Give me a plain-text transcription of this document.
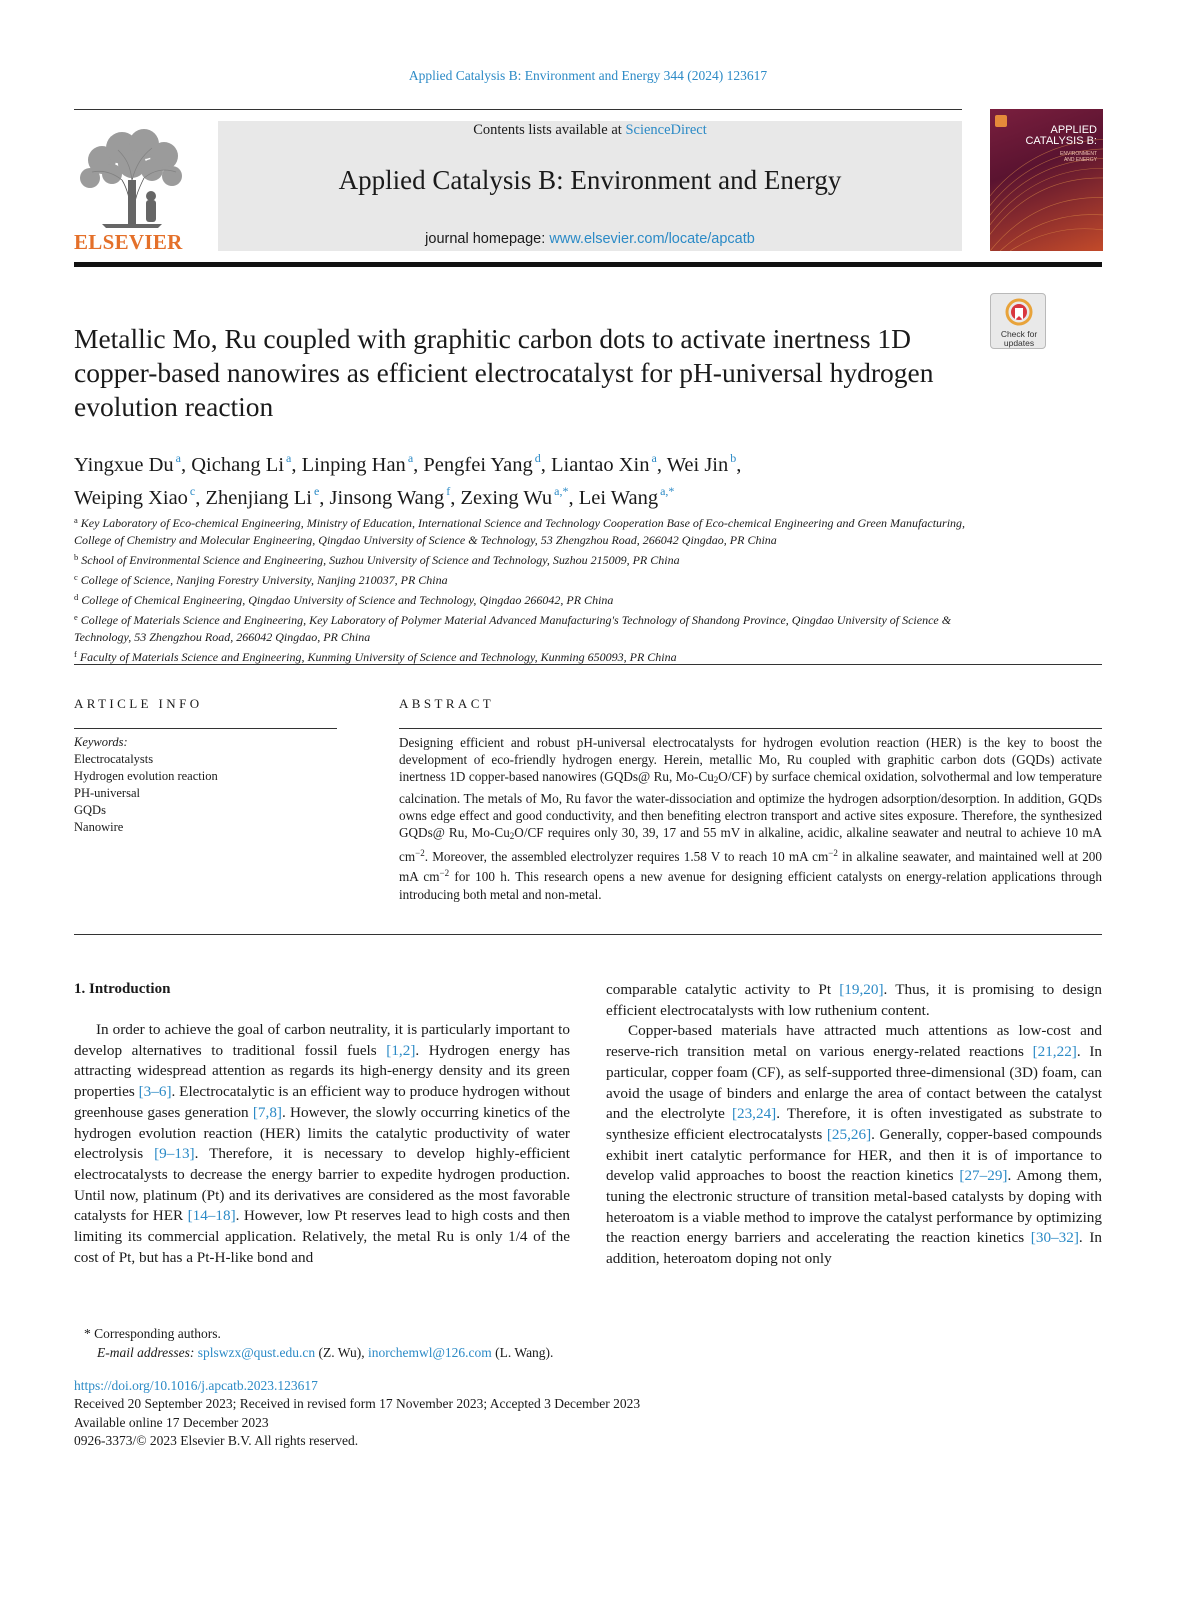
Applied Catalysis B: Environment and Energy 344 (2024) 123617
ELSEVIER
Contents lists available at ScienceDirect
Applied Catalysis B: Environment and Energy
journal homepage: www.elsevier.com/locate/apcatb
APPLIED
CATALYSIS B:
ENVIRONMENT
AND ENERGY
Check for
updates
Metallic Mo, Ru coupled with graphitic carbon dots to activate inertness 1D copper-based nanowires as efficient electrocatalyst for pH-universal hydrogen evolution reaction
Yingxue Du $^a$, Qichang Li $^a$, Linping Han $^a$, Pengfei Yang $^d$, Liantao Xin $^a$, Wei Jin $^b$,
Weiping Xiao $^c$, Zhenjiang Li $^e$, Jinsong Wang $^f$, Zexing Wu $^{a,*}$, Lei Wang $^{a,*}$
$^a$ Key Laboratory of Eco-chemical Engineering, Ministry of Education, International Science and Technology Cooperation Base of Eco-chemical Engineering and Green Manufacturing, College of Chemistry and Molecular Engineering, Qingdao University of Science & Technology, 53 Zhengzhou Road, 266042 Qingdao, PR China
$^b$ School of Environmental Science and Engineering, Suzhou University of Science and Technology, Suzhou 215009, PR China
$^c$ College of Science, Nanjing Forestry University, Nanjing 210037, PR China
$^d$ College of Chemical Engineering, Qingdao University of Science and Technology, Qingdao 266042, PR China
$^e$ College of Materials Science and Engineering, Key Laboratory of Polymer Material Advanced Manufacturing's Technology of Shandong Province, Qingdao University of Science & Technology, 53 Zhengzhou Road, 266042 Qingdao, PR China
$^f$ Faculty of Materials Science and Engineering, Kunming University of Science and Technology, Kunming 650093, PR China
ARTICLE INFO	ABSTRACT
Keywords:
Electrocatalysts
Hydrogen evolution reaction
PH-universal
GQDs
Nanowire
Designing efficient and robust pH-universal electrocatalysts for hydrogen evolution reaction (HER) is the key to boost the development of eco-friendly hydrogen energy. Herein, metallic Mo, Ru coupled with graphitic carbon dots (GQDs) activate inertness 1D copper-based nanowires (GQDs@ Ru, $Mo-Cu_2O/CF$) by surface chemical oxidation, solvothermal and low temperature calcination. The metals of Mo, Ru favor the water-dissociation and optimize the hydrogen adsorption/desorption. In addition, GQDs owns edge effect and good conductivity, and then benefiting electron transport and active sites exposure. Therefore, the synthesized GQDs@ Ru, $Mo-Cu_2O/CF$ requires only 30, 39, 17 and 55 mV in alkaline, acidic, alkaline seawater and neutral to achieve 10 mA $cm^{-2}$. Moreover, the assembled electrolyzer requires 1.58 V to reach 10 mA $cm^{-2}$ in alkaline seawater, and maintained well at 200 mA $cm^{-2}$ for 100 h. This research opens a new avenue for designing efficient catalysts on energy-relation applications through introducing both metal and non-metal.
1. Introduction

In order to achieve the goal of carbon neutrality, it is particularly important to develop alternatives to traditional fossil fuels [1,2]. Hydrogen energy has attracting widespread attention as regards its high-energy density and its green properties [3–6]. Electrocatalytic is an efficient way to produce hydrogen without greenhouse gases generation [7,8]. However, the slowly occurring kinetics of the hydrogen evolution reaction (HER) limits the catalytic productivity of water electrolysis [9–13]. Therefore, it is necessary to develop highly-efficient electrocatalysts to decrease the energy barrier to expedite hydrogen production. Until now, platinum (Pt) and its derivatives are considered as the most favorable catalysts for HER [14–18]. However, low Pt reserves lead to high costs and then limiting its commercial application. Relatively, the metal Ru is only 1/4 of the cost of Pt, but has a Pt-H-like bond and

comparable catalytic activity to Pt [19,20]. Thus, it is promising to design efficient electrocatalysts with low ruthenium content.

Copper-based materials have attracted much attentions as low-cost and reserve-rich transition metal on various energy-related reactions [21,22]. In particular, copper foam (CF), as self-supported three-dimensional (3D) foam, can avoid the usage of binders and enlarge the area of contact between the catalyst and the electrolyte [23,24]. Therefore, it is often investigated as substrate to synthesize efficient electrocatalysts [25,26]. Generally, copper-based compounds exhibit inert catalytic performance for HER, and then it is of importance to develop valid approaches to boost the reaction kinetics [27–29]. Among them, tuning the electronic structure of transition metal-based catalysts by doping with heteroatom is a viable method to improve the catalyst performance by optimizing the reaction energy barriers and accelerating the reaction kinetics [30–32]. In addition, heteroatom doping not only

* Corresponding authors.
E-mail addresses: splswzx@qust.edu.cn (Z. Wu), inorchemwl@126.com (L. Wang).
https://doi.org/10.1016/j.apcatb.2023.123617
Received 20 September 2023; Received in revised form 17 November 2023; Accepted 3 December 2023
Available online 17 December 2023
0926-3373/© 2023 Elsevier B.V. All rights reserved.
